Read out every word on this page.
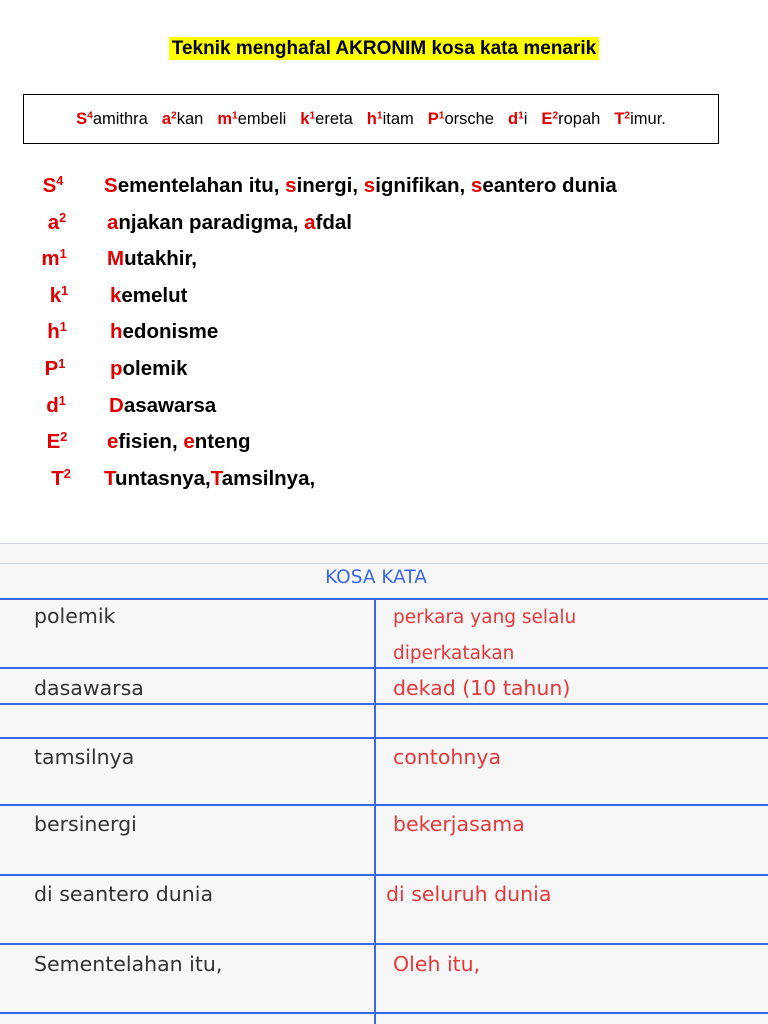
Teknik menghafal AKRONIM kosa kata menarik
$S^4amithra$ $a^2kan$ $m^1embeli$ $k^1ereta$ $h^1itam$ $P^1orsche$ $d^1i$ $E^2ropah$ $T^2imur$.
$S^4$	Sementelahan itu, sinergi, signifikan, seantero dunia
$a^2$	anjakan paradigma, afdal
$m^1$	Mutakhir,
$k^1$	kemelut
$h^1$	hedonisme
$P^1$	polemik
$d^1$	Dasawarsa
$E^2$	efisien, enteng
$T^2$	Tuntasnya,Tamsilnya,
KOSA KATA
polemik	perkara yang selalu
diperkatakan
dasawarsa	dekad (10 tahun)
tamsilnya	contohnya
bersinergi	bekerjasama
di seantero dunia	di seluruh dunia
Sementelahan itu,	Oleh itu,
